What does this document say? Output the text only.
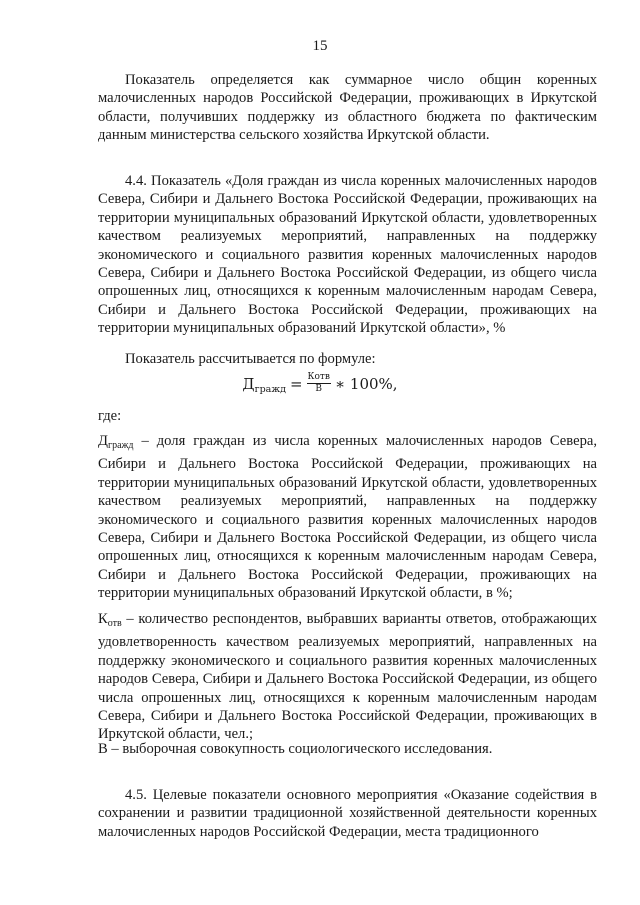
15

Показатель определяется как суммарное число общин коренных малочисленных народов Российской Федерации, проживающих в Иркутской области, получивших поддержку из областного бюджета по фактическим данным министерства сельского хозяйства Иркутской области.

4.4. Показатель «Доля граждан из числа коренных малочисленных народов Севера, Сибири и Дальнего Востока Российской Федерации, проживающих на территории муниципальных образований Иркутской области, удовлетворенных качеством реализуемых мероприятий, направленных на поддержку экономического и социального развития коренных малочисленных народов Севера, Сибири и Дальнего Востока Российской Федерации, из общего числа опрошенных лиц, относящихся к коренным малочисленным народам Севера, Сибири и Дальнего Востока Российской Федерации, проживающих на территории муниципальных образований Иркутской области», %

Показатель рассчитывается по формуле:

$Д_{гражд} = \frac{\text{Котв}}{В}$ ∗ 100%,

где:

$Д_{гражд}$ – доля граждан из числа коренных малочисленных народов Севера, Сибири и Дальнего Востока Российской Федерации, проживающих на территории муниципальных образований Иркутской области, удовлетворенных качеством реализуемых мероприятий, направленных на поддержку экономического и социального развития коренных малочисленных народов Севера, Сибири и Дальнего Востока Российской Федерации, из общего числа опрошенных лиц, относящихся к коренным малочисленным народам Севера, Сибири и Дальнего Востока Российской Федерации, проживающих на территории муниципальных образований Иркутской области, в %;

$К_{отв}$ – количество респондентов, выбравших варианты ответов, отображающих удовлетворенность качеством реализуемых мероприятий, направленных на поддержку экономического и социального развития коренных малочисленных народов Севера, Сибири и Дальнего Востока Российской Федерации, из общего числа опрошенных лиц, относящихся к коренным малочисленным народам Севера, Сибири и Дальнего Востока Российской Федерации, проживающих в Иркутской области, чел.;

В – выборочная совокупность социологического исследования.

4.5. Целевые показатели основного мероприятия «Оказание содействия в сохранении и развитии традиционной хозяйственной деятельности коренных малочисленных народов Российской Федерации, места традиционного
